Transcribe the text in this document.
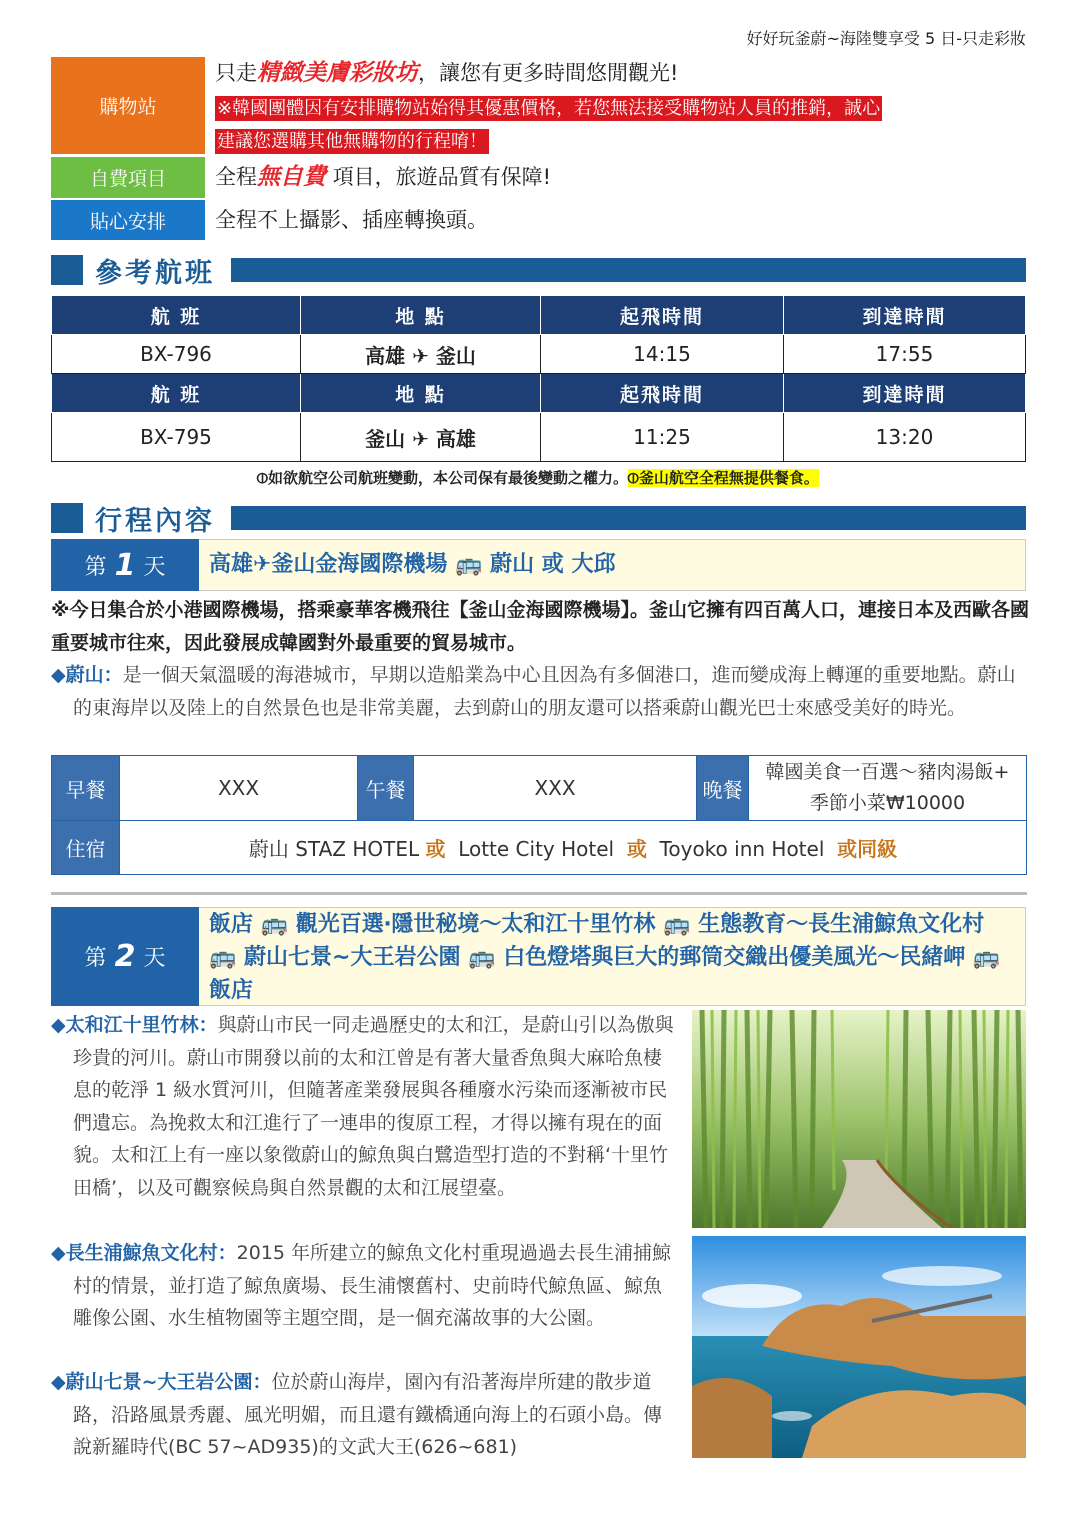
好好玩釜蔚~海陸雙享受 5 日-只走彩妝
購物站
只走精緻美膚彩妝坊，讓您有更多時間悠閒觀光!
※韓國團體因有安排購物站始得其優惠價格，若您無法接受購物站人員的推銷，誠心
建議您選購其他無購物的行程唷！
自費項目	全程無自費 項目，旅遊品質有保障!
貼心安排	全程不上攝影、插座轉換頭。
參考航班
航 班	地 點	起飛時間	到達時間
BX-796	高雄 ✈ 釜山	14:15	17:55
航 班	地 點	起飛時間	到達時間
BX-795	釜山 ✈ 高雄	11:25	13:20
⦶如欲航空公司航班變動，本公司保有最後變動之權力。⦶釜山航空全程無提供餐食。
行程內容
第 1 天	高雄✈釜山金海國際機場 🚌 蔚山 或 大邱
※今日集合於小港國際機場，搭乘豪華客機飛往【釜山金海國際機場】。釜山它擁有四百萬人口，連接日本及西歐各國重要城市往來，因此發展成韓國對外最重要的貿易城市。
◆蔚山：是一個天氣溫暖的海港城市，早期以造船業為中心且因為有多個港口，進而變成海上轉運的重要地點。蔚山的東海岸以及陸上的自然景色也是非常美麗，去到蔚山的朋友還可以搭乘蔚山觀光巴士來感受美好的時光。
早餐	XXX	午餐	XXX	晚餐	韓國美食一百選～豬肉湯飯+
季節小菜₩10000

住宿	蔚山 STAZ HOTEL 或 Lotte City Hotel 或 Toyoko inn Hotel 或同級				
第 2 天
飯店 🚌 觀光百選‧隱世秘境～太和江十里竹林 🚌 生態教育～長生浦鯨魚文化村 🚌 蔚山七景~大王岩公園 🚌 白色燈塔與巨大的郵筒交織出優美風光～民緒岬 🚌 飯店
◆太和江十里竹林：與蔚山市民一同走過歷史的太和江，是蔚山引以為傲與珍貴的河川。蔚山市開發以前的太和江曾是有著大量香魚與大麻哈魚棲息的乾淨 1 級水質河川，但隨著產業發展與各種廢水污染而逐漸被市民們遺忘。為挽救太和江進行了一連串的復原工程，才得以擁有現在的面貌。太和江上有一座以象徵蔚山的鯨魚與白鷺造型打造的不對稱‘十里竹田橋’，以及可觀察候鳥與自然景觀的太和江展望臺。
◆長生浦鯨魚文化村：2015 年所建立的鯨魚文化村重現過過去長生浦捕鯨村的情景，並打造了鯨魚廣場、長生浦懷舊村、史前時代鯨魚區、鯨魚雕像公園、水生植物園等主題空間，是一個充滿故事的大公園。
◆蔚山七景~大王岩公園：位於蔚山海岸，園內有沿著海岸所建的散步道路，沿路風景秀麗、風光明媚，而且還有鐵橋通向海上的石頭小島。傳說新羅時代(BC 57~AD935)的文武大王(626~681)
